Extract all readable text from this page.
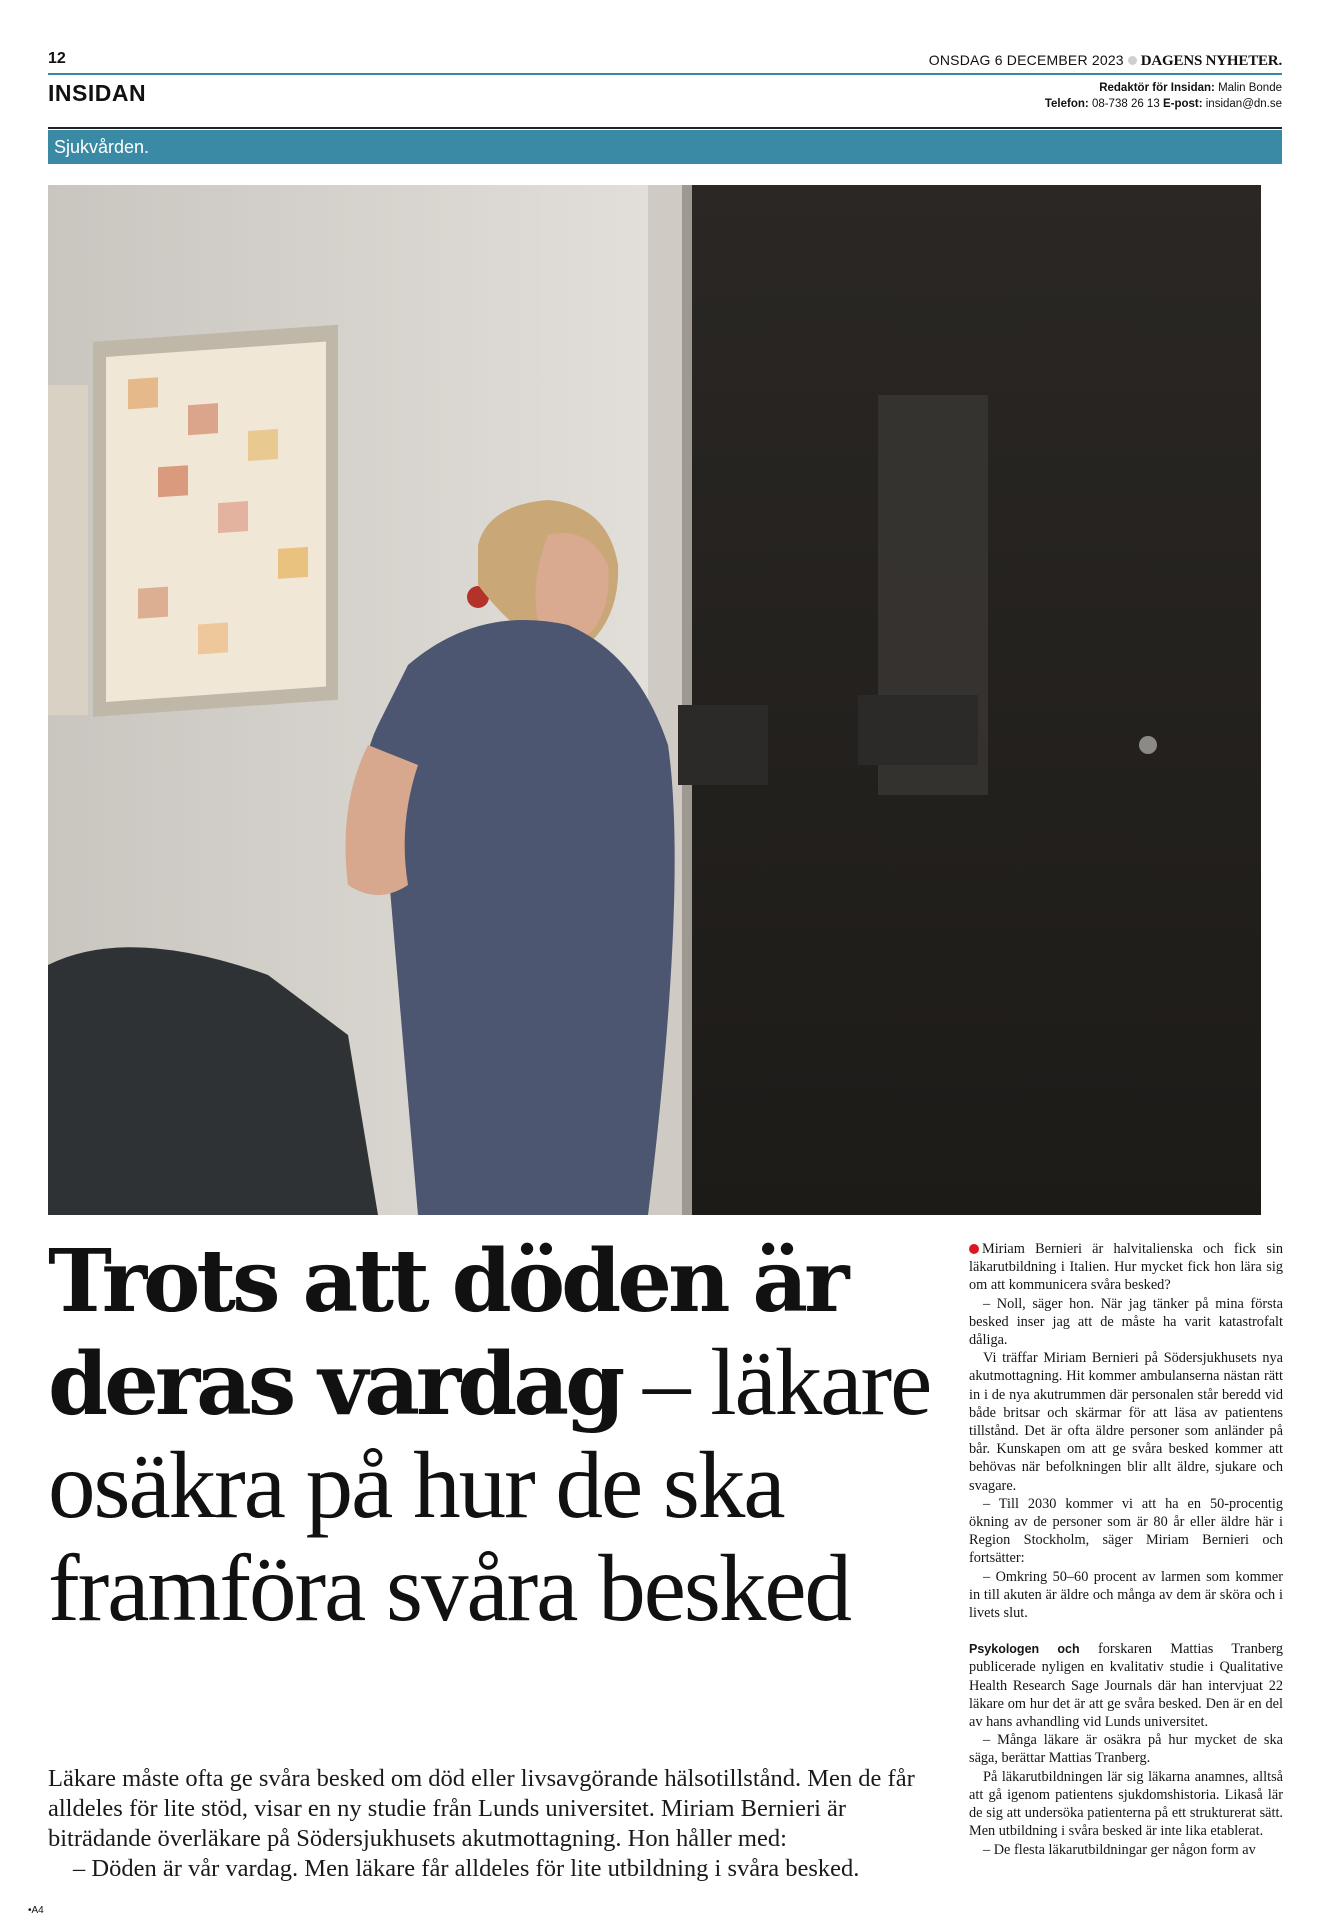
12	ONSDAG 6 DECEMBER 2023 DAGENS NYHETER.
INSIDAN	Redaktör för Insidan: Malin Bonde
Telefon: 08-738 26 13 E-post: insidan@dn.se
Sjukvården.
Trots att döden är
deras vardag – läkare
osäkra på hur de ska
framföra svåra besked

Läkare måste ofta ge svåra besked om död eller livsavgörande hälsotillstånd. Men de får alldeles för lite stöd, visar en ny studie från Lunds universitet. Miriam Bernieri är biträdande överläkare på Södersjukhusets akutmottagning. Hon håller med:

– Döden är vår vardag. Men läkare får alldeles för lite utbildning i svåra besked.

Miriam Bernieri är halvitalienska och fick sin läkarutbildning i Italien. Hur mycket fick hon lära sig om att kommunicera svåra besked?

– Noll, säger hon. När jag tänker på mina första besked inser jag att de måste ha varit katastrofalt dåliga.

Vi träffar Miriam Bernieri på Södersjukhusets nya akutmottagning. Hit kommer ambulanserna nästan rätt in i de nya akutrummen där personalen står beredd vid både britsar och skärmar för att läsa av patientens tillstånd. Det är ofta äldre personer som anländer på bår. Kunskapen om att ge svåra besked kommer att behövas när befolkningen blir allt äldre, sjukare och svagare.

– Till 2030 kommer vi att ha en 50-procentig ökning av de personer som är 80 år eller äldre här i Region Stockholm, säger Miriam Bernieri och fortsätter:

– Omkring 50–60 procent av larmen som kommer in till akuten är äldre och många av dem är sköra och i livets slut.

Psykologen och forskaren Mattias Tranberg publicerade nyligen en kvalitativ studie i Qualitative Health Research Sage Journals där han intervjuat 22 läkare om hur det är att ge svåra besked. Den är en del av hans avhandling vid Lunds universitet.

– Många läkare är osäkra på hur mycket de ska säga, berättar Mattias Tranberg.

På läkarutbildningen lär sig läkarna anamnes, alltså att gå igenom patientens sjukdomshistoria. Likaså lär de sig att undersöka patienterna på ett strukturerat sätt. Men utbildning i svåra besked är inte lika etablerat.

– De flesta läkarutbildningar ger någon form av

•A4
